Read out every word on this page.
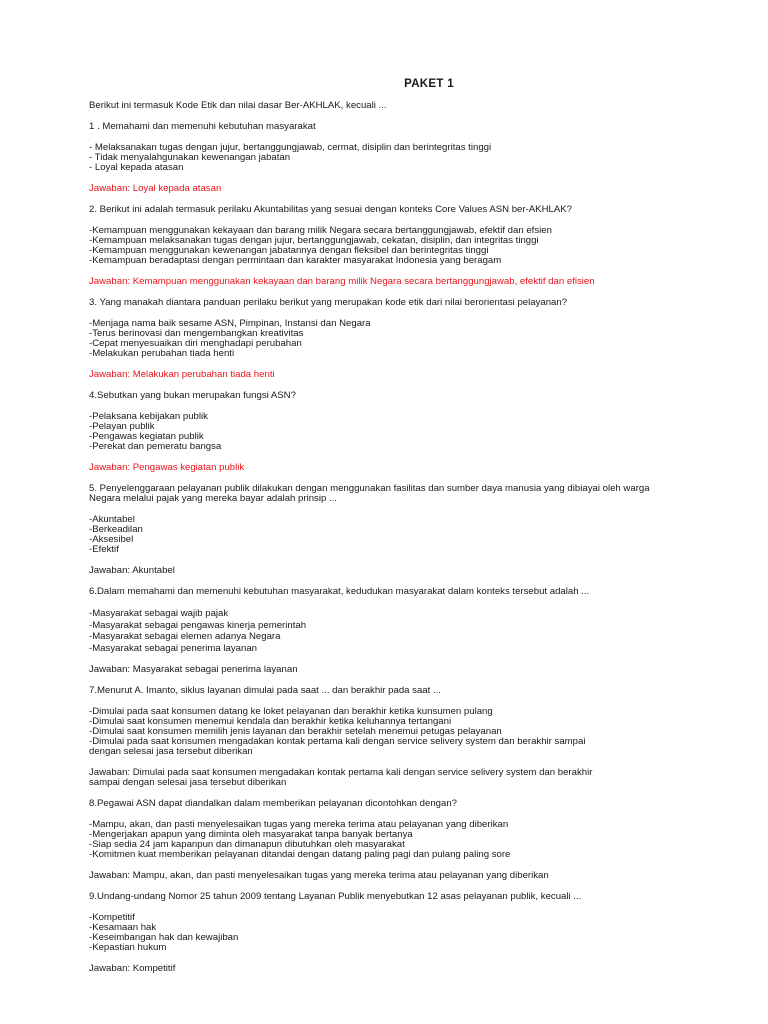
PAKET 1
Berikut ini termasuk Kode Etik dan nilai dasar Ber-AKHLAK, kecuali ...
1 . Memahami dan memenuhi kebutuhan masyarakat
- Melaksanakan tugas dengan jujur, bertanggungjawab, cermat, disiplin dan berintegritas tinggi
- Tidak menyalahgunakan kewenangan jabatan
- Loyal kepada atasan
Jawaban: Loyal kepada atasan
2. Berikut ini adalah termasuk perilaku Akuntabilitas yang sesuai dengan konteks Core Values ASN ber-AKHLAK?
-Kemampuan menggunakan kekayaan dan barang milik Negara secara bertanggungjawab, efektif dan efsien
-Kemampuan melaksanakan tugas dengan jujur, bertanggungjawab, cekatan, disiplin, dan integritas tinggi
-Kemampuan menggunakan kewenangan jabatannya dengan fleksibel dan berintegritas tinggi
-Kemampuan beradaptasi dengan permintaan dan karakter masyarakat Indonesia yang beragam
Jawaban: Kemampuan menggunakan kekayaan dan barang milik Negara secara bertanggungjawab, efektif dan efisien
3. Yang manakah diantara panduan perilaku berikut yang merupakan kode etik dari nilai berorientasi pelayanan?
-Menjaga nama baik sesame ASN, Pimpinan, Instansi dan Negara
-Terus berinovasi dan mengembangkan kreativitas
-Cepat menyesuaikan diri menghadapi perubahan
-Melakukan perubahan tiada henti
Jawaban: Melakukan perubahan tiada henti
4.Sebutkan yang bukan merupakan fungsi ASN?
-Pelaksana kebijakan publik
-Pelayan publik
-Pengawas kegiatan publik
-Perekat dan pemeratu bangsa
Jawaban: Pengawas kegiatan publik
5. Penyelenggaraan pelayanan publik dilakukan dengan menggunakan fasilitas dan sumber daya manusia yang dibiayai oleh warga Negara melalui pajak yang mereka bayar adalah prinsip ...
-Akuntabel
-Berkeadilan
-Aksesibel
-Efektif
Jawaban: Akuntabel
6.Dalam memahami dan memenuhi kebutuhan masyarakat, kedudukan masyarakat dalam konteks tersebut adalah ...
-Masyarakat sebagai wajib pajak
-Masyarakat sebagai pengawas kinerja pemerintah
-Masyarakat sebagai elemen adanya Negara
-Masyarakat sebagai penerima layanan
Jawaban: Masyarakat sebagai penerima layanan
7.Menurut A. Imanto, siklus layanan dimulai pada saat ... dan berakhir pada saat ...
-Dimulai pada saat konsumen datang ke loket pelayanan dan berakhir ketika kunsumen pulang
-Dimulai saat konsumen menemui kendala dan berakhir ketika keluhannya tertangani
-Dimulai saat konsumen memilih jenis layanan dan berakhir setelah menemui petugas pelayanan
-Dimulai pada saat konsumen mengadakan kontak pertama kali dengan service selivery system dan berakhir sampai
dengan selesai jasa tersebut diberikan
Jawaban: Dimulai pada saat konsumen mengadakan kontak pertama kali dengan service selivery system dan berakhir
sampai dengan selesai jasa tersebut diberikan
8.Pegawai ASN dapat diandalkan dalam memberikan pelayanan dicontohkan dengan?
-Mampu, akan, dan pasti menyelesaikan tugas yang mereka terima atau pelayanan yang diberikan
-Mengerjakan apapun yang diminta oleh masyarakat tanpa banyak bertanya
-Siap sedia 24 jam kapanpun dan dimanapun dibutuhkan oleh masyarakat
-Komitmen kuat memberikan pelayanan ditandai dengan datang paling pagi dan pulang paling sore
Jawaban: Mampu, akan, dan pasti menyelesaikan tugas yang mereka terima atau pelayanan yang diberikan
9.Undang-undang Nomor 25 tahun 2009 tentang Layanan Publik menyebutkan 12 asas pelayanan publik, kecuali ...
-Kompetitif
-Kesamaan hak
-Keseimbangan hak dan kewajiban
-Kepastian hukum
Jawaban: Kompetitif
